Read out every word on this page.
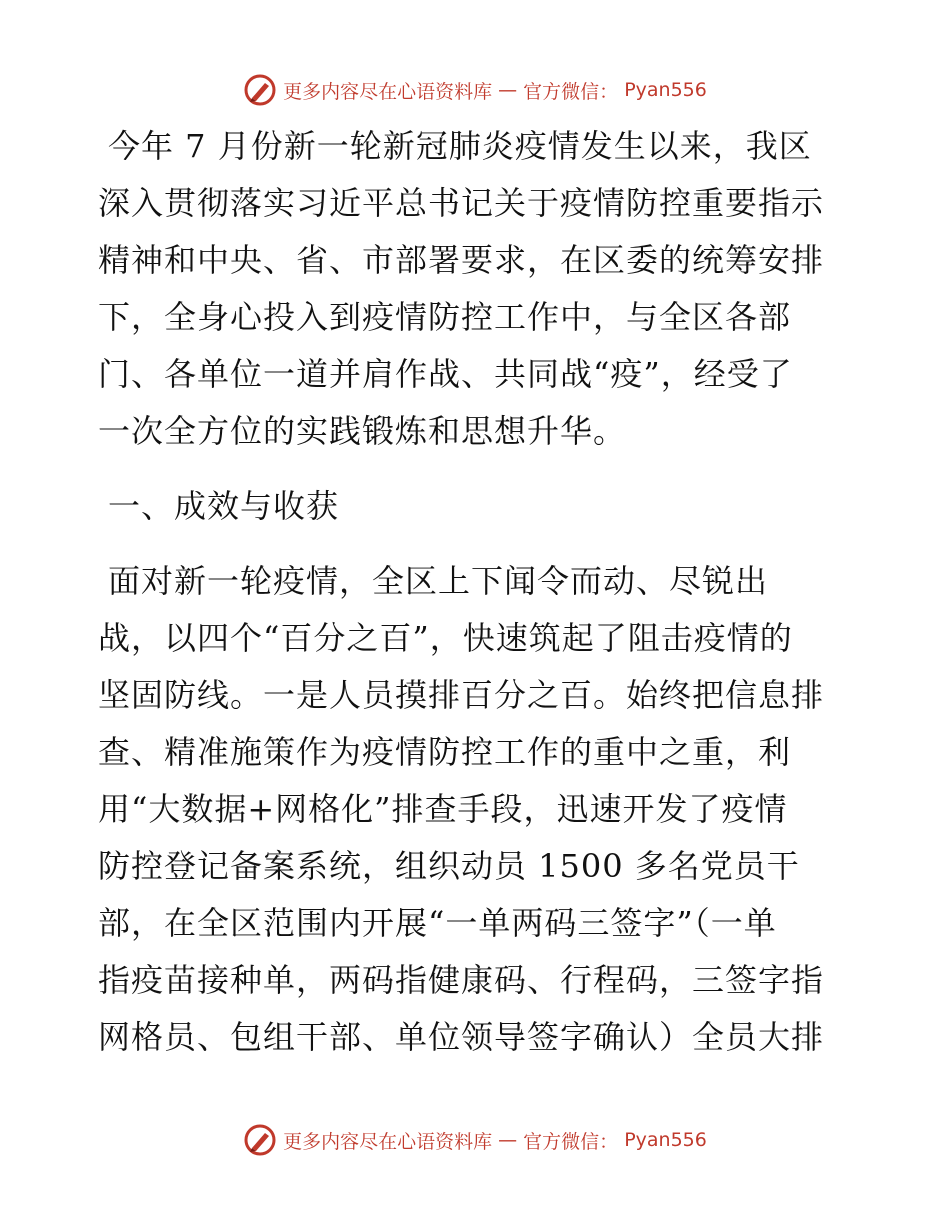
更多内容尽在心语资料库 — 官方微信： Pyan556

今年 7 月份新一轮新冠肺炎疫情发生以来，我区
深入贯彻落实习近平总书记关于疫情防控重要指示
精神和中央、省、市部署要求，在区委的统筹安排
下，全身心投入到疫情防控工作中，与全区各部
门、各单位一道并肩作战、共同战“疫”，经受了
一次全方位的实践锻炼和思想升华。

一、成效与收获

面对新一轮疫情，全区上下闻令而动、尽锐出
战，以四个“百分之百”，快速筑起了阻击疫情的
坚固防线。一是人员摸排百分之百。始终把信息排
查、精准施策作为疫情防控工作的重中之重，利
用“大数据+网格化”排查手段，迅速开发了疫情
防控登记备案系统，组织动员 1500 多名党员干
部，在全区范围内开展“一单两码三签字”（一单
指疫苗接种单，两码指健康码、行程码，三签字指
网格员、包组干部、单位领导签字确认）全员大排

更多内容尽在心语资料库 — 官方微信： Pyan556
